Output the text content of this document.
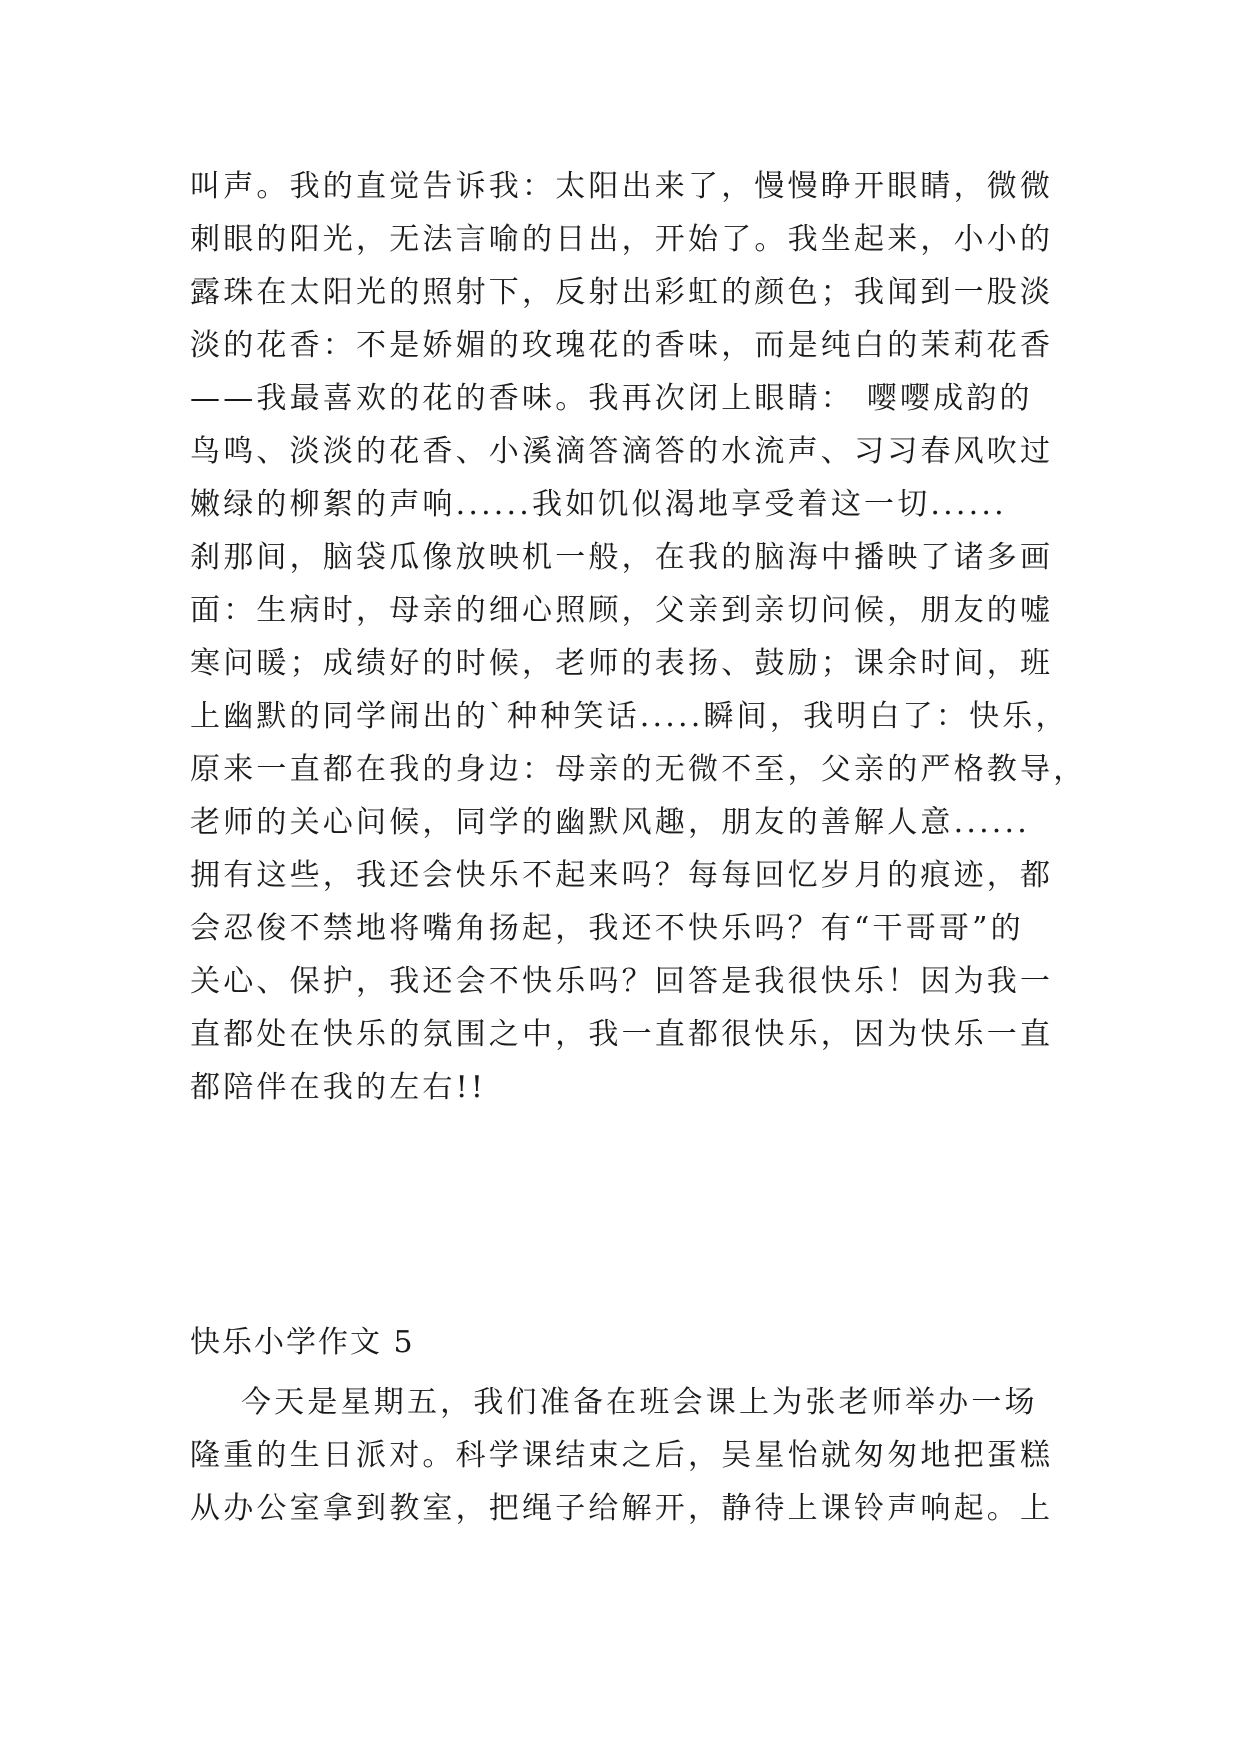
叫声。我的直觉告诉我：太阳出来了，慢慢睁开眼睛，微微
刺眼的阳光，无法言喻的日出，开始了。我坐起来，小小的
露珠在太阳光的照射下，反射出彩虹的颜色；我闻到一股淡
淡的花香：不是娇媚的玫瑰花的香味，而是纯白的茉莉花香
——我最喜欢的花的香味。我再次闭上眼睛： 嘤嘤成韵的
鸟鸣、淡淡的花香、小溪滴答滴答的水流声、习习春风吹过
嫩绿的柳絮的声响......我如饥似渴地享受着这一切......
刹那间，脑袋瓜像放映机一般，在我的脑海中播映了诸多画
面：生病时，母亲的细心照顾，父亲到亲切问候，朋友的嘘
寒问暖；成绩好的时候，老师的表扬、鼓励；课余时间，班
上幽默的同学闹出的`种种笑话.....瞬间，我明白了：快乐，
原来一直都在我的身边：母亲的无微不至，父亲的严格教导，
老师的关心问候，同学的幽默风趣，朋友的善解人意......
拥有这些，我还会快乐不起来吗？每每回忆岁月的痕迹，都
会忍俊不禁地将嘴角扬起，我还不快乐吗？有“干哥哥”的
关心、保护，我还会不快乐吗？回答是我很快乐！因为我一
直都处在快乐的氛围之中，我一直都很快乐，因为快乐一直
都陪伴在我的左右!!
快乐小学作文 5
今天是星期五，我们准备在班会课上为张老师举办一场
隆重的生日派对。科学课结束之后，吴星怡就匆匆地把蛋糕
从办公室拿到教室，把绳子给解开，静待上课铃声响起。上
